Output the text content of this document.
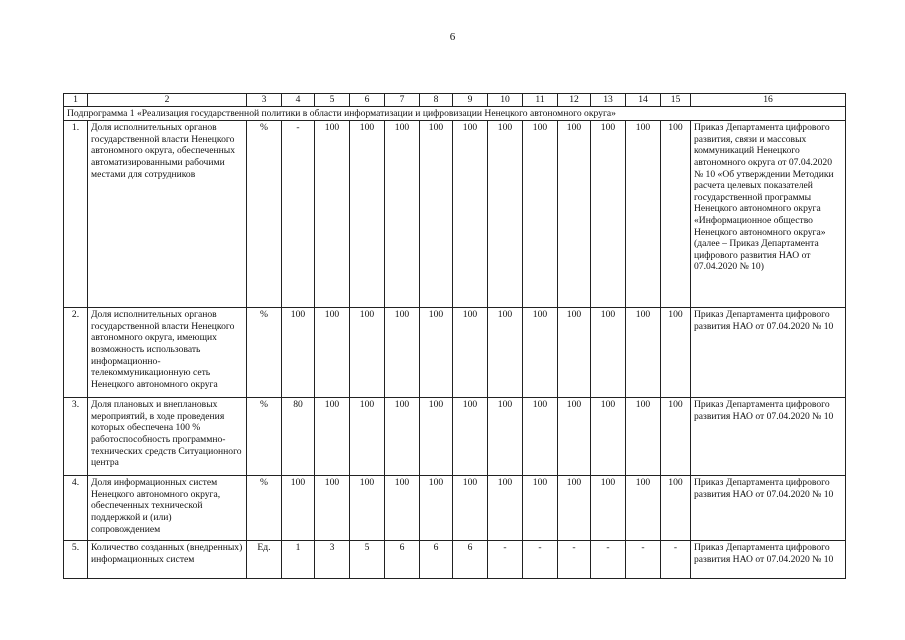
6
1	2	3	4	5	6	7	8	9	10	11	12	13	14	15	16
Подпрограмма 1 «Реализация государственной политики в области информатизации и цифровизации Ненецкого автономного округа»															
1.	Доля исполнительных органов государственной власти Ненецкого автономного округа, обеспеченных автоматизированными рабочими местами для сотрудников	%	-	100	100	100	100	100	100	100	100	100	100	100	Приказ Департамента цифрового развития, связи и массовых коммуникаций Ненецкого автономного округа от 07.04.2020 № 10 «Об утверждении Методики расчета целевых показателей государственной программы Ненецкого автономного округа «Информационное общество Ненецкого автономного округа» (далее – Приказ Департамента цифрового развития НАО от 07.04.2020 № 10)
2.	Доля исполнительных органов государственной власти Ненецкого автономного округа, имеющих возможность использовать информационно-телекоммуникационную сеть Ненецкого автономного округа	%	100	100	100	100	100	100	100	100	100	100	100	100	Приказ Департамента цифрового развития НАО от 07.04.2020 № 10
3.	Доля плановых и внеплановых мероприятий, в ходе проведения которых обеспечена 100 % работоспособность программно-технических средств Ситуационного центра	%	80	100	100	100	100	100	100	100	100	100	100	100	Приказ Департамента цифрового развития НАО от 07.04.2020 № 10
4.	Доля информационных систем Ненецкого автономного округа, обеспеченных технической поддержкой и (или) сопровождением	%	100	100	100	100	100	100	100	100	100	100	100	100	Приказ Департамента цифрового развития НАО от 07.04.2020 № 10
5.	Количество созданных (внедренных) информационных систем	Ед.	1	3	5	6	6	6	-	-	-	-	-	-	Приказ Департамента цифрового развития НАО от 07.04.2020 № 10
